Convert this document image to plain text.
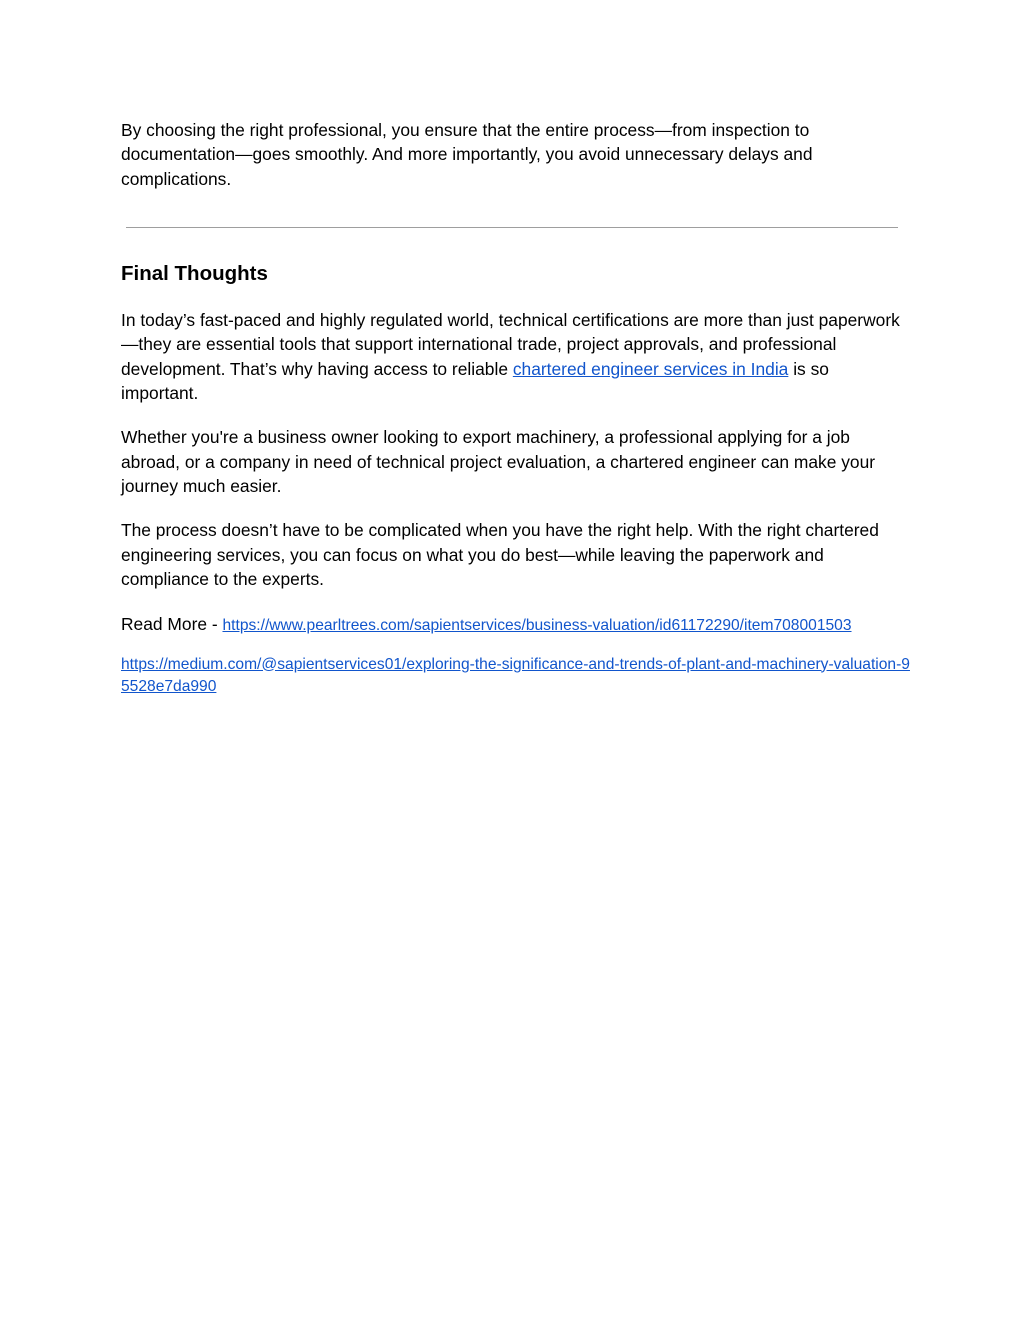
By choosing the right professional, you ensure that the entire process—from inspection to documentation—goes smoothly. And more importantly, you avoid unnecessary delays and complications.

Final Thoughts

In today’s fast-paced and highly regulated world, technical certifications are more than just paperwork—they are essential tools that support international trade, project approvals, and professional development. That’s why having access to reliable chartered engineer services in India is so important.

Whether you're a business owner looking to export machinery, a professional applying for a job abroad, or a company in need of technical project evaluation, a chartered engineer can make your journey much easier.

The process doesn’t have to be complicated when you have the right help. With the right chartered engineering services, you can focus on what you do best—while leaving the paperwork and compliance to the experts.

Read More - https://www.pearltrees.com/sapientservices/business-valuation/id61172290/item708001503

https://medium.com/@sapientservices01/exploring-the-significance-and-trends-of-plant-and-machinery-valuation-95528e7da990
